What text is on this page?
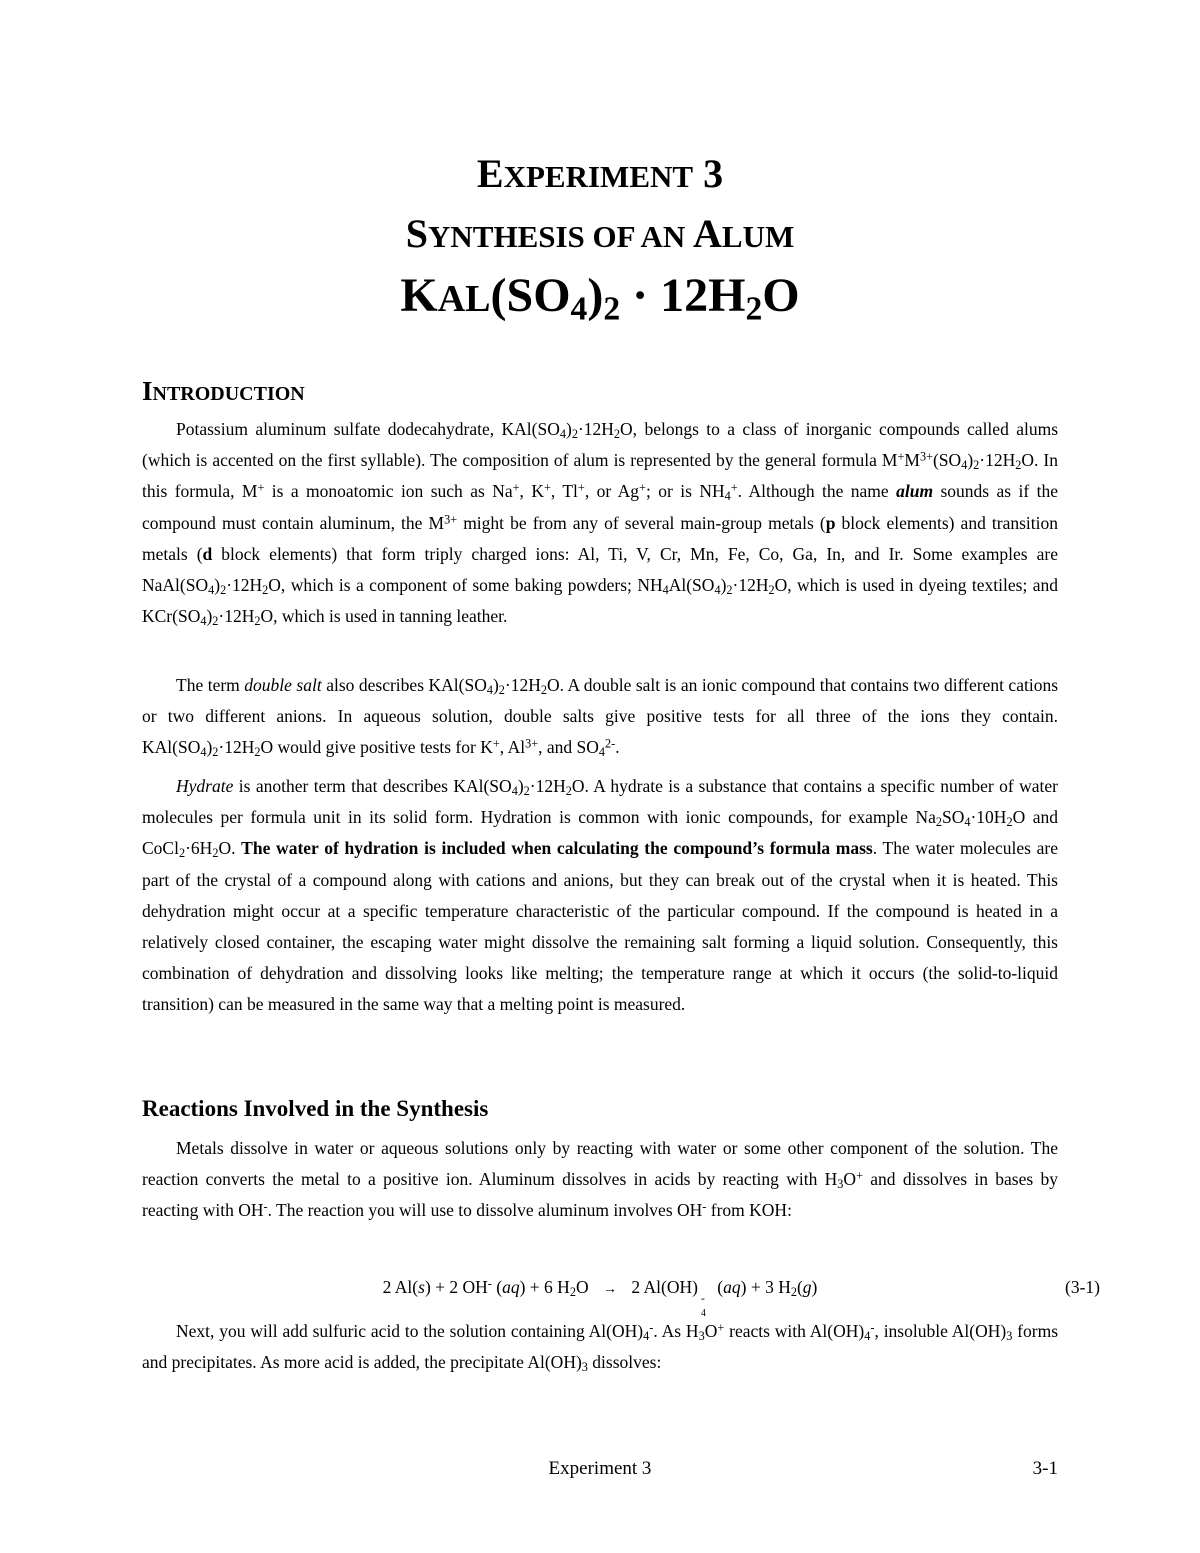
EXPERIMENT 3
SYNTHESIS OF AN ALUM
$KAL(SO_4)_2 \cdot 12H_2O$
INTRODUCTION

Potassium aluminum sulfate dodecahydrate, $KAl(SO_4)_2\cdot 12H_2O$, belongs to a class of inorganic compounds called alums (which is accented on the first syllable). The composition of alum is represented by the general formula $M^+M^{3+}(SO_4)_2\cdot 12H_2O$. In this formula, M+ is a monoatomic ion such as Na+, K+, Tl+, or Ag+; or is $NH_4^+$. Although the name alum sounds as if the compound must contain aluminum, the $M^{3+}$ might be from any of several main-group metals (p block elements) and transition metals (d block elements) that form triply charged ions: Al, Ti, V, Cr, Mn, Fe, Co, Ga, In, and Ir. Some examples are $NaAl(SO_4)_2\cdot 12H_2O$, which is a component of some baking powders; $NH_4Al(SO_4)_2\cdot 12H_2O$, which is used in dyeing textiles; and $KCr(SO_4)_2\cdot 12H_2O$, which is used in tanning leather.

The term double salt also describes $KAl(SO_4)_2\cdot 12H_2O$. A double salt is an ionic compound that contains two different cations or two different anions. In aqueous solution, double salts give positive tests for all three of the ions they contain. $KAl(SO_4)_2\cdot 12H_2O$ would give positive tests for K+, $Al^{3+}$, and $SO_4^{2-}$.

Hydrate is another term that describes $KAl(SO_4)_2\cdot 12H_2O$. A hydrate is a substance that contains a specific number of water molecules per formula unit in its solid form. Hydration is common with ionic compounds, for example $Na_2SO_4\cdot 10H_2O$ and $CoCl_2\cdot 6H_2O$. The water of hydration is included when calculating the compound’s formula mass. The water molecules are part of the crystal of a compound along with cations and anions, but they can break out of the crystal when it is heated. This dehydration might occur at a specific temperature characteristic of the particular compound. If the compound is heated in a relatively closed container, the escaping water might dissolve the remaining salt forming a liquid solution. Consequently, this combination of dehydration and dissolving looks like melting; the temperature range at which it occurs (the solid-to-liquid transition) can be measured in the same way that a melting point is measured.

Reactions Involved in the Synthesis

Metals dissolve in water or aqueous solutions only by reacting with water or some other component of the solution. The reaction converts the metal to a positive ion. Aluminum dissolves in acids by reacting with $H_3O^+$ and dissolves in bases by reacting with OH-. The reaction you will use to dissolve aluminum involves OH- from KOH:

2 Al(s) + 2 OH- (aq) + 6 $H_2O \to 2$ Al(OH)
-
4
(aq) + 3 $H_2(g)$	(3-1)

Next, you will add sulfuric acid to the solution containing $Al(OH)_4^-$. As $H_3O^+$ reacts with $Al(OH)_4^-$, insoluble $Al(OH)_3$ forms and precipitates. As more acid is added, the precipitate $Al(OH)_3$ dissolves:

Experiment 3	3-1
